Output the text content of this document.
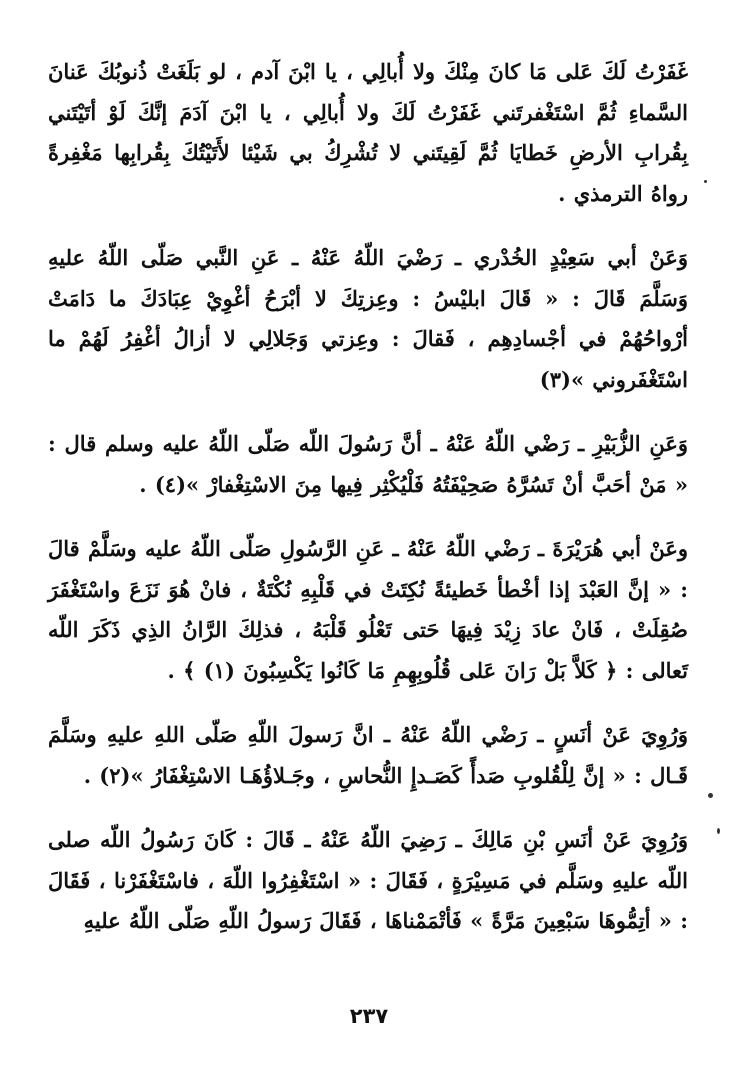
غَفَرْتُ لَكَ عَلى مَا كانَ مِنْكَ ولا أُبالِي ، يا ابْنَ آدم ، لو بَلَغَتْ ذُنوبُكَ عَنانَ السَّماءِ ثُمَّ اسْتَغْفرتَني غَفَرْتُ لَكَ ولا أُبالِي ، يا ابْنَ آدَمَ إنَّكَ لَوْ أتَيْتَني بِقُرابِ الأرضِ خَطايَا ثُمَّ لَقِيتَني لا تُشْرِكُ بي شَيْئا لأَتَيْتُكَ بِقُرابِها مَغْفِرةً رواهُ الترمذي .

وَعَنْ أبي سَعِيْدٍ الخُدْري ـ رَضْيَ اللّهُ عَنْهُ ـ عَنِ النَّبي صَلّى اللّهُ عليهِ وَسَلَّمَ قَالَ : « قَالَ ابليْسُ : وعِزتِكَ لا أبْرَحُ أغْوِيْ عِبَادَكَ ما دَامَتْ أرْواحُهُمْ في أجْسادِهِم ، فَقالَ : وعِزتي وَجَلالِي لا أزالُ أغْفِرُ لَهُمْ ما اسْتَغْفَروني »(٣)

وَعَنِ الزُّبَيْرِ ـ رَضْي اللّهُ عَنْهُ ـ أنَّ رَسُولَ اللّه صَلّى اللّهُ عليه وسلم قال : « مَنْ أحَبَّ أنْ تَسُرَّهُ صَحِيْفَتُهُ فَلْيُكْثِر فِيها مِنَ الاسْتِغْفارْ »(٤) .

وعَنْ أبي هُرَيْرَةَ ـ رَضْي اللّهُ عَنْهُ ـ عَنِ الرَّسُولِ صَلّى اللّهُ عليه وسَلَّمْ قالَ : « إنَّ العَبْدَ إذا أخْطأ خَطيئةً نُكِتَتْ في قَلْبِهِ نُكْتَةٌ ، فانْ هُوَ نَزَعَ واسْتَغْفَرَ صُقِلَتْ ، فَانْ عادَ زِيْدَ فِيهَا حَتى تَعْلُو قَلْبَهُ ، فذلِكَ الرَّانُ الذِي ذَكَرَ اللّه تَعالى : ﴿ كَلاَّ بَلْ رَانَ عَلى قُلُوبِهِمِ مَا كَانُوا يَكْسِبُونَ (١) ﴾ .

وَرُوِيَ عَنْ أنَسٍ ـ رَضْي اللّهُ عَنْهُ ـ انَّ رَسولَ اللّهِ صَلّى اللهِ عليهِ وسَلَّمَ قَـال : « إنَّ لِلْقُلوبِ صَدأً كَصَـدإِ النُّحاسِ ، وجَـلاؤُهَـا الاسْتِغْفَارُ »(٢) .

وَرُوِيَ عَنْ أنَسِ بْنِ مَالِكَ ـ رَضِيَ اللّهُ عَنْهُ ـ قَالَ : كَانَ رَسُولُ اللّه صلى اللّه عليهِ وسَلَّم في مَسِيْرَةٍ ، فَقَالَ : « اسْتَغْفِرُوا اللّهَ ، فاسْتَغْفَرْنا ، فَقَالَ : « أتِمُّوهَا سَبْعِينَ مَرَّةً » فَأتْمَمْناهَا ، فَقَالَ رَسولُ اللّهِ صَلّى اللّهُ عليهِ

٢٣٧
